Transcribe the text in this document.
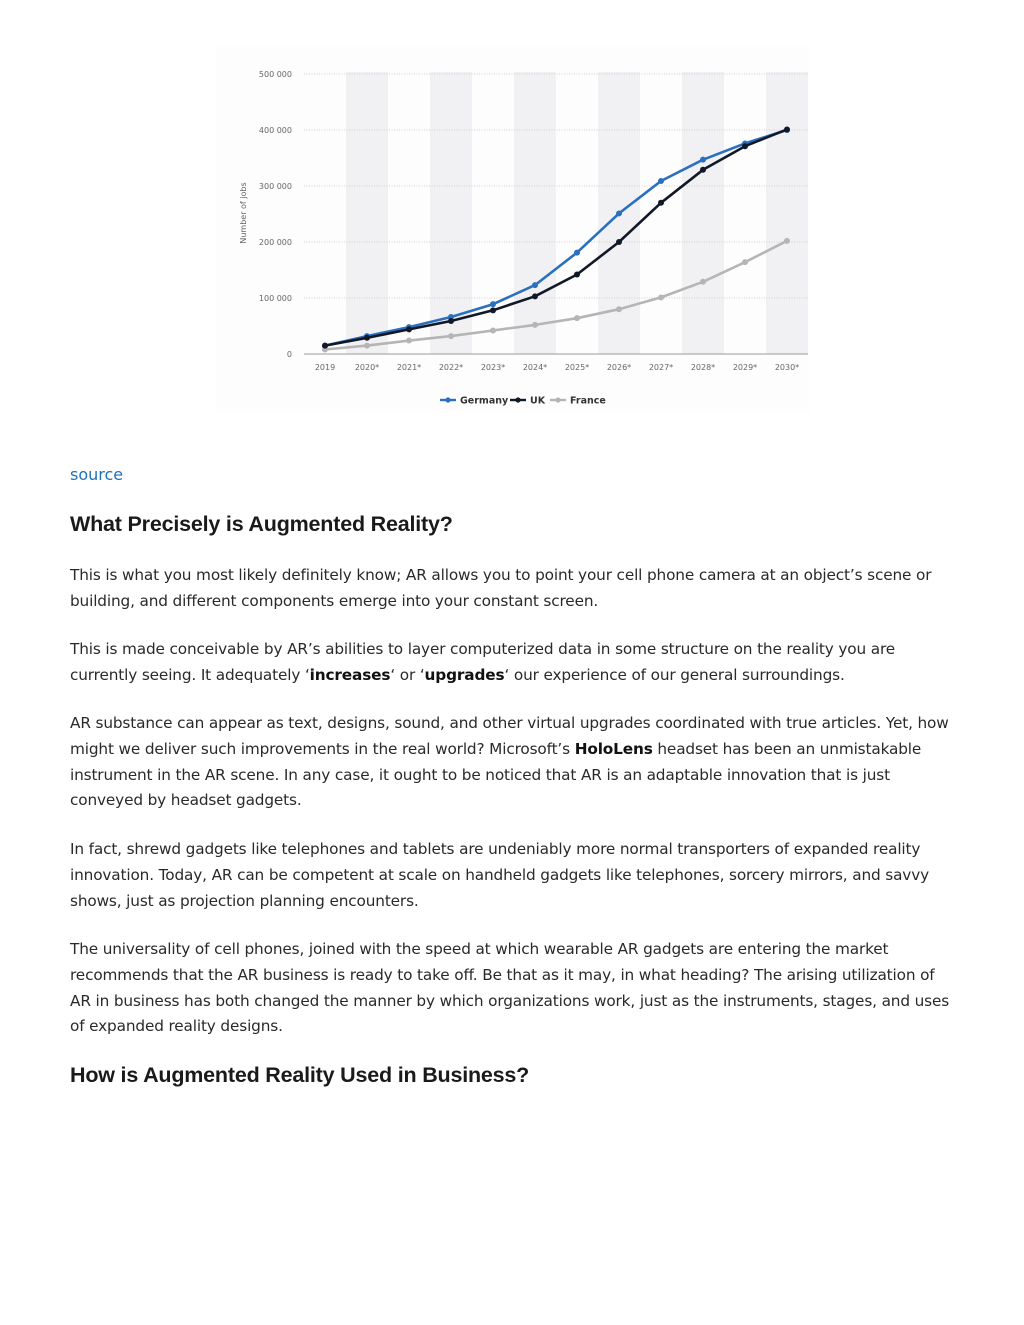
0
100 000
200 000
300 000
400 000
500 000
Number of jobs
2019 2020* 2021* 2022* 2023* 2024* 2025* 2026* 2027* 2028* 2029* 2030*
Germany UK	France
source
What Precisely is Augmented Reality?

This is what you most likely definitely know; AR allows you to point your cell phone camera at an object’s scene or building, and different components emerge into your constant screen.

This is made conceivable by AR’s abilities to layer computerized data in some structure on the reality you are currently seeing. It adequately ‘increases‘ or ‘upgrades‘ our experience of our general surroundings.

AR substance can appear as text, designs, sound, and other virtual upgrades coordinated with true articles. Yet, how might we deliver such improvements in the real world? Microsoft’s HoloLens headset has been an unmistakable instrument in the AR scene. In any case, it ought to be noticed that AR is an adaptable innovation that is just conveyed by headset gadgets.

In fact, shrewd gadgets like telephones and tablets are undeniably more normal transporters of expanded reality innovation. Today, AR can be competent at scale on handheld gadgets like telephones, sorcery mirrors, and savvy shows, just as projection planning encounters.

The universality of cell phones, joined with the speed at which wearable AR gadgets are entering the market recommends that the AR business is ready to take off. Be that as it may, in what heading? The arising utilization of AR in business has both changed the manner by which organizations work, just as the instruments, stages, and uses of expanded reality designs.

How is Augmented Reality Used in Business?
